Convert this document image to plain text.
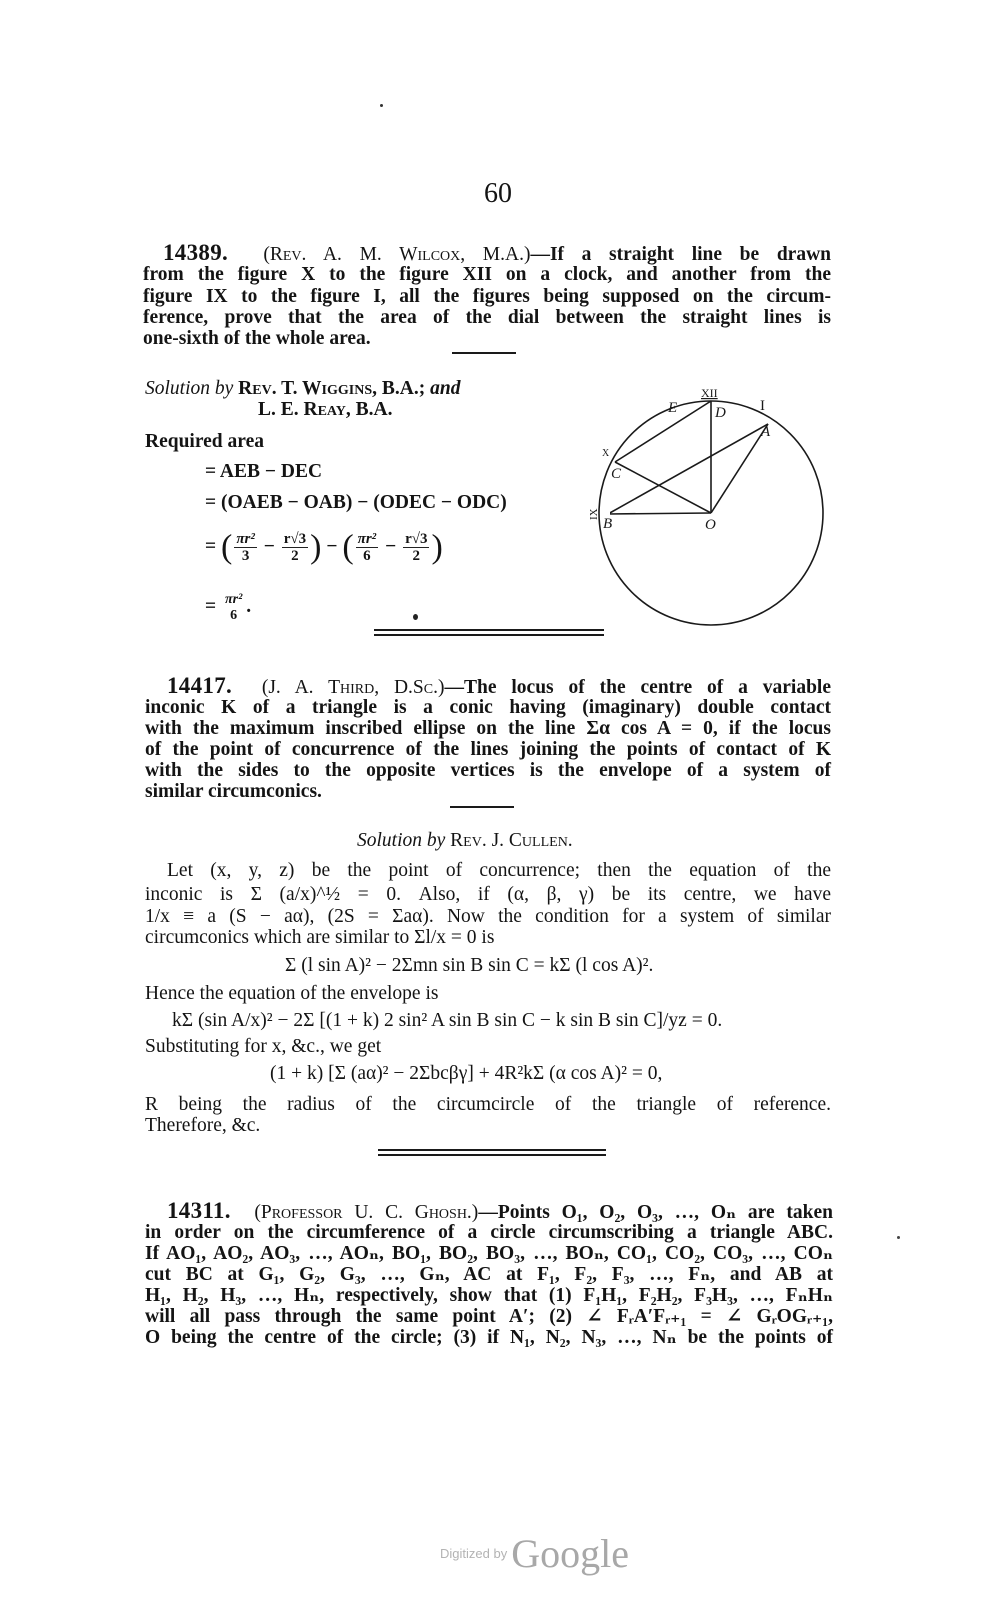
60
14389. (Rev. A. M. Wilcox, M.A.)—If a straight line be drawn
from the figure X to the figure XII on a clock, and another from the
figure IX to the figure I, all the figures being supposed on the circum-
ference, prove that the area of the dial between the straight lines is
one-sixth of the whole area.
Solution by Rev. T. Wiggins, B.A.; and
L. E. Reay, B.A.
Required area
= AEB − DEC
= (OAEB − OAB) − (ODEC − ODC)
= ( $\frac{\text{πr²}}{3} - \frac{r√3}{2}$ ) − ( $\frac{\text{πr²}}{6} - \frac{r√3}{2}$ )
= πr²
6 .
XII
D
E	I
A
X
C
IX
B	O
14417. (J. A. Third, D.Sc.)—The locus of the centre of a variable
inconic K of a triangle is a conic having (imaginary) double contact
with the maximum inscribed ellipse on the line Σα cos A = 0, if the locus
of the point of concurrence of the lines joining the points of contact of K
with the sides to the opposite vertices is the envelope of a system of
similar circumconics.
Solution by Rev. J. Cullen.
Let (x, y, z) be the point of concurrence; then the equation of the
inconic is Σ (a/x)^½ = 0. Also, if (α, β, γ) be its centre, we have
1/x ≡ a (S − aα), (2S = Σaα). Now the condition for a system of similar
circumconics which are similar to Σl/x = 0 is
Σ (l sin A)² − 2Σmn sin B sin C = kΣ (l cos A)².
Hence the equation of the envelope is
kΣ (sin A/x)² − 2Σ [(1 + k) 2 sin² A sin B sin C − k sin B sin C]/yz = 0.
Substituting for x, &c., we get
(1 + k) [Σ (aα)² − 2Σbcβγ] + 4R²kΣ (α cos A)² = 0,
R being the radius of the circumcircle of the triangle of reference.
Therefore, &c.
14311. (Professor U. C. Ghosh.)—Points O₁, O₂, O₃, …, Oₙ are taken
in order on the circumference of a circle circumscribing a triangle ABC.
If AO₁, AO₂, AO₃, …, AOₙ, BO₁, BO₂, BO₃, …, BOₙ, CO₁, CO₂, CO₃, …, COₙ
cut BC at G₁, G₂, G₃, …, Gₙ, AC at F₁, F₂, F₃, …, Fₙ, and AB at
H₁, H₂, H₃, …, Hₙ, respectively, show that (1) F₁H₁, F₂H₂, F₃H₃, …, FₙHₙ
will all pass through the same point A′; (2) ∠ FᵣA′Fᵣ₊₁ = ∠ GᵣOGᵣ₊₁,
O being the centre of the circle; (3) if N₁, N₂, N₃, …, Nₙ be the points of
Digitized by Google
